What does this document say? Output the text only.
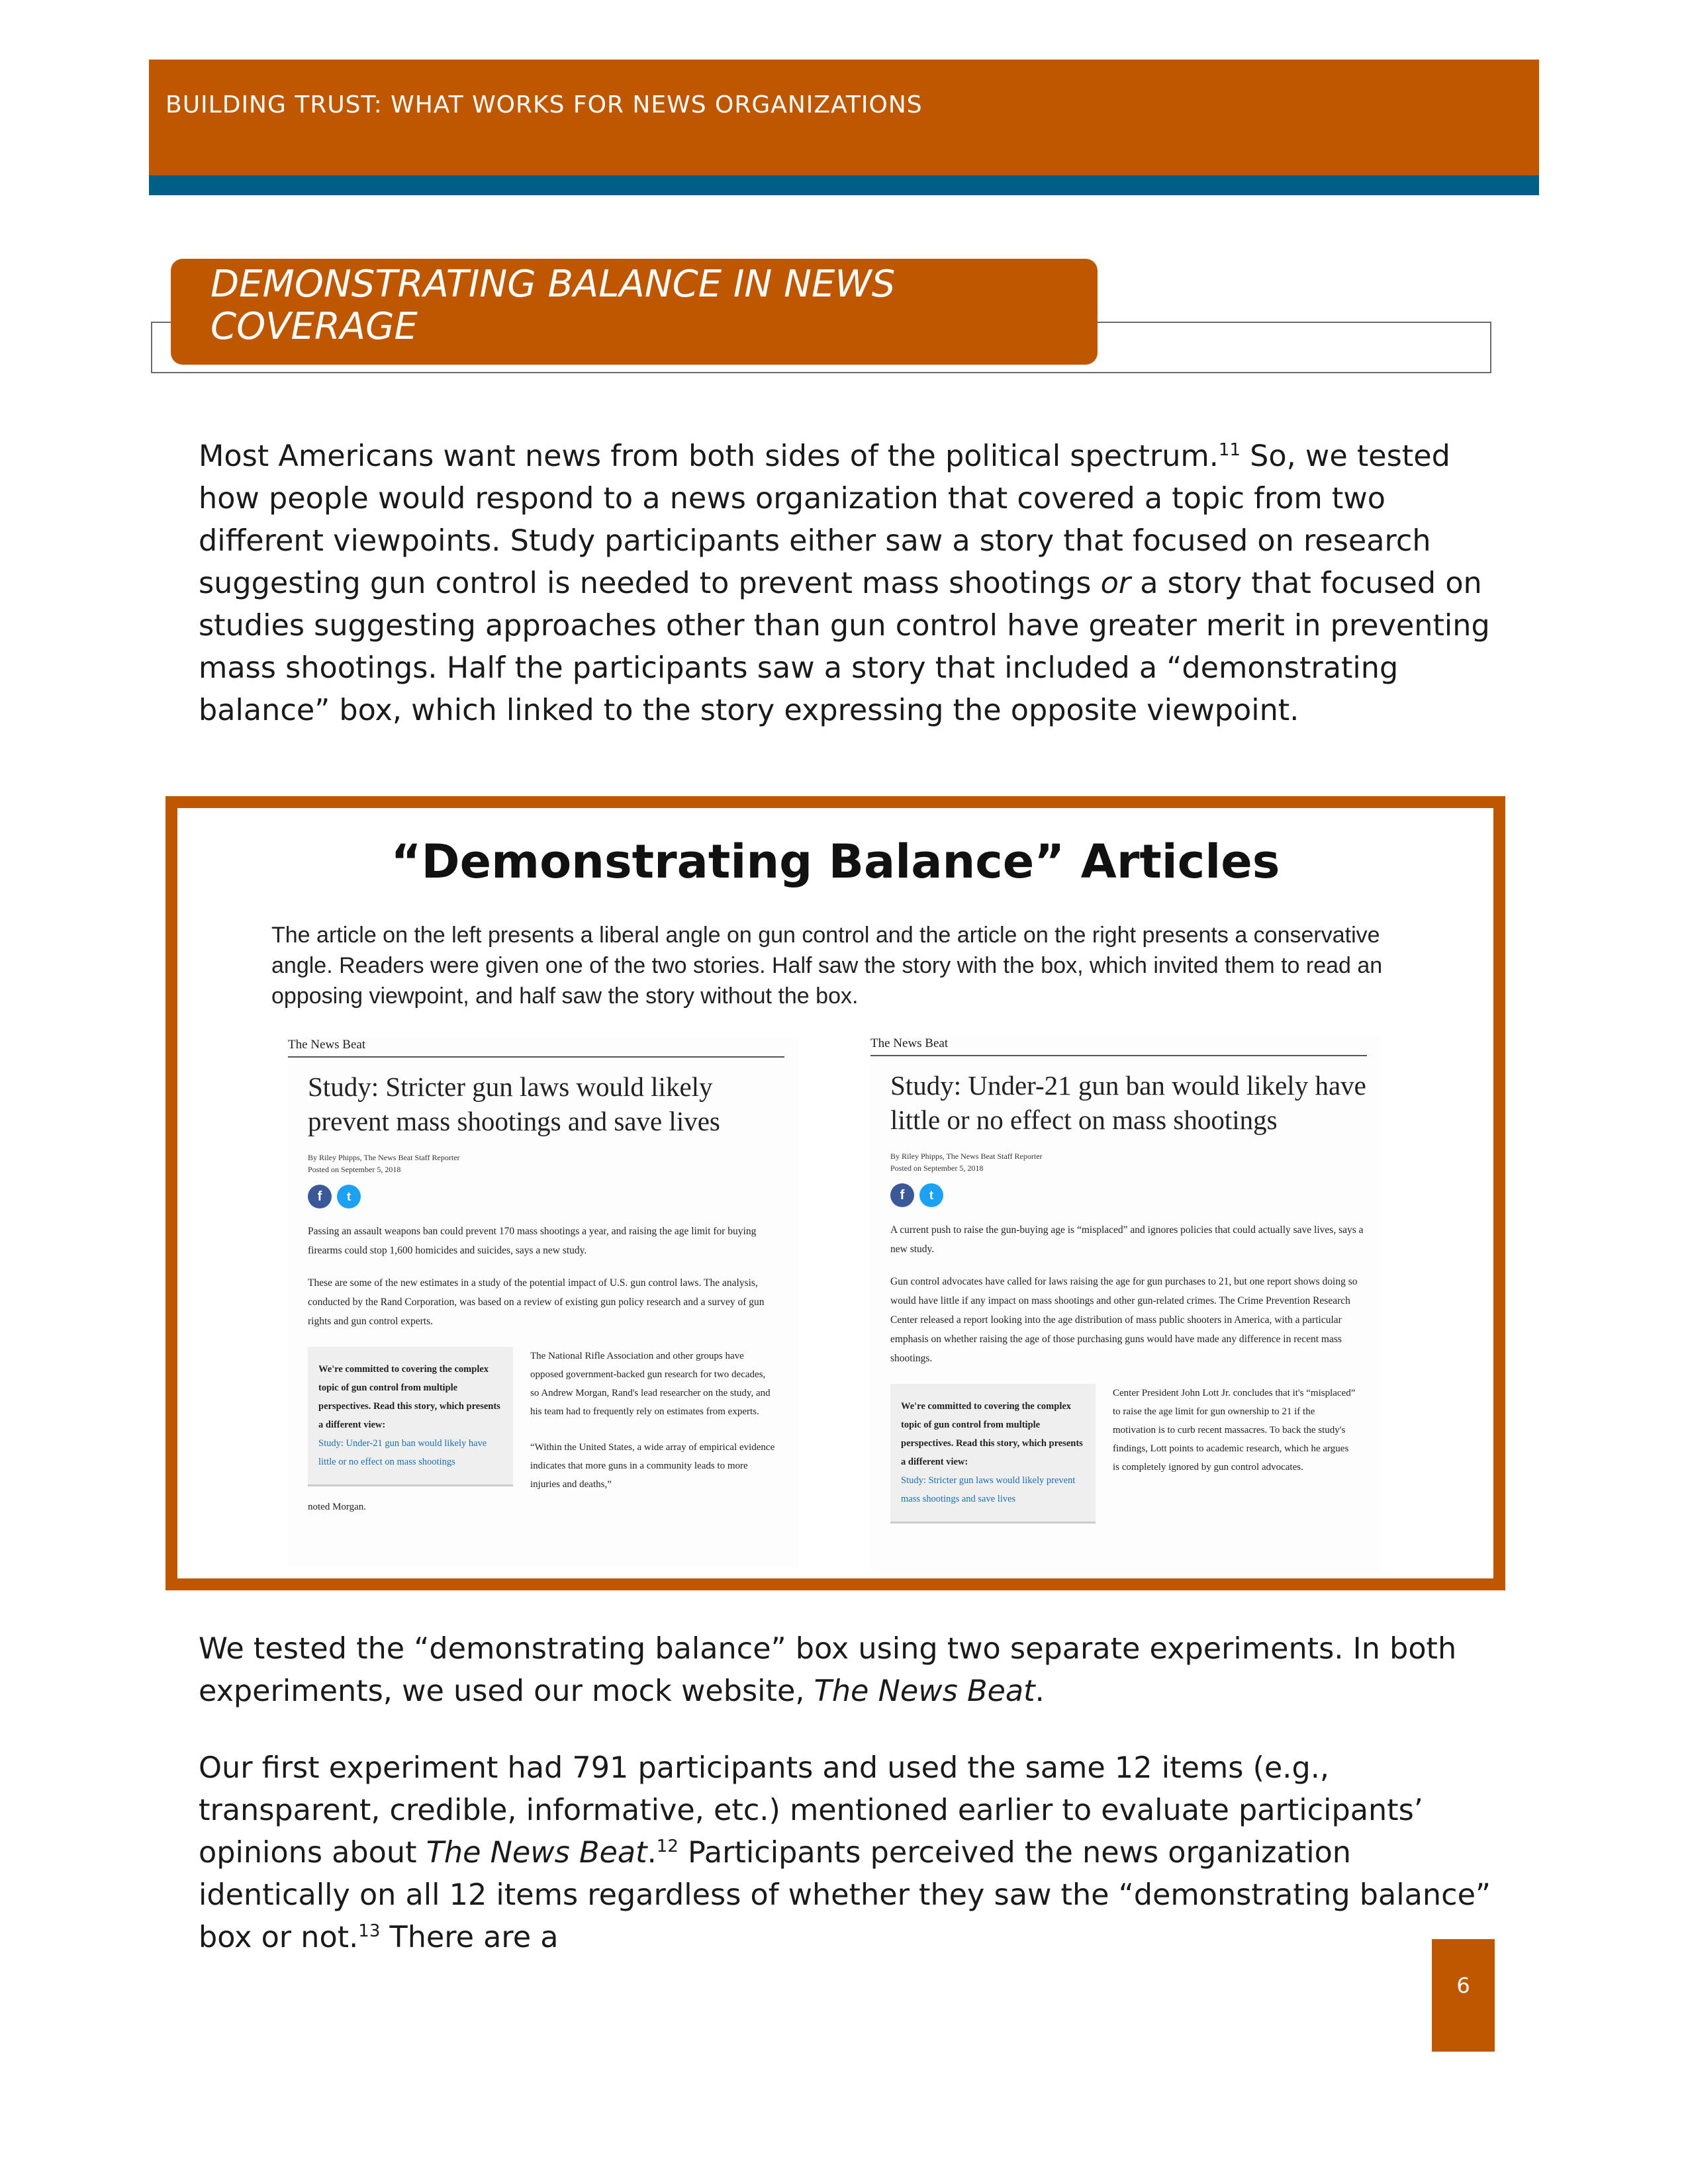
BUILDING TRUST: WHAT WORKS FOR NEWS ORGANIZATIONS
DEMONSTRATING BALANCE IN NEWS COVERAGE
Most Americans want news from both sides of the political spectrum.$^{11}$ So, we tested how people would respond to a news organization that covered a topic from two different viewpoints. Study participants either saw a story that focused on research suggesting gun control is needed to prevent mass shootings or a story that focused on studies suggesting approaches other than gun control have greater merit in preventing mass shootings. Half the participants saw a story that included a “demonstrating balance” box, which linked to the story expressing the opposite viewpoint.
“Demonstrating Balance” Articles
The article on the left presents a liberal angle on gun control and the article on the right presents a conservative angle. Readers were given one of the two stories. Half saw the story with the box, which invited them to read an opposing viewpoint, and half saw the story without the box.
The News Beat
Study: Stricter gun laws would likely prevent mass shootings and save lives
By Riley Phipps, The News Beat Staff Reporter
Posted on September 5, 2018
f	t
Passing an assault weapons ban could prevent 170 mass shootings a year, and raising the age limit for buying firearms could stop 1,600 homicides and suicides, says a new study.
These are some of the new estimates in a study of the potential impact of U.S. gun control laws. The analysis, conducted by the Rand Corporation, was based on a review of existing gun policy research and a survey of gun rights and gun control experts.
We're committed to covering the complex topic of gun control from multiple perspectives. Read this story, which presents a different view:
Study: Under-21 gun ban would likely have little or no effect on mass shootings
The National Rifle Association and other groups have opposed government-backed gun research for two decades, so Andrew Morgan, Rand's lead researcher on the study, and his team had to frequently rely on estimates from experts.
“Within the United States, a wide array of empirical evidence indicates that more guns in a community leads to more injuries and deaths,”
noted Morgan.
The News Beat
Study: Under-21 gun ban would likely have little or no effect on mass shootings
By Riley Phipps, The News Beat Staff Reporter
Posted on September 5, 2018
f	t
A current push to raise the gun-buying age is “misplaced” and ignores policies that could actually save lives, says a new study.
Gun control advocates have called for laws raising the age for gun purchases to 21, but one report shows doing so would have little if any impact on mass shootings and other gun-related crimes. The Crime Prevention Research Center released a report looking into the age distribution of mass public shooters in America, with a particular emphasis on whether raising the age of those purchasing guns would have made any difference in recent mass shootings.
We're committed to covering the complex topic of gun control from multiple perspectives. Read this story, which presents a different view:
Study: Stricter gun laws would likely prevent mass shootings and save lives
Center President John Lott Jr. concludes that it's “misplaced” to raise the age limit for gun ownership to 21 if the motivation is to curb recent massacres. To back the study's findings, Lott points to academic research, which he argues is completely ignored by gun control advocates.
We tested the “demonstrating balance” box using two separate experiments. In both experiments, we used our mock website, The News Beat.
Our first experiment had 791 participants and used the same 12 items (e.g., transparent, credible, informative, etc.) mentioned earlier to evaluate participants’ opinions about The News Beat.$^{12}$ Participants perceived the news organization identically on all 12 items regardless of whether they saw the “demonstrating balance” box or not.$^{13}$ There are a
6
